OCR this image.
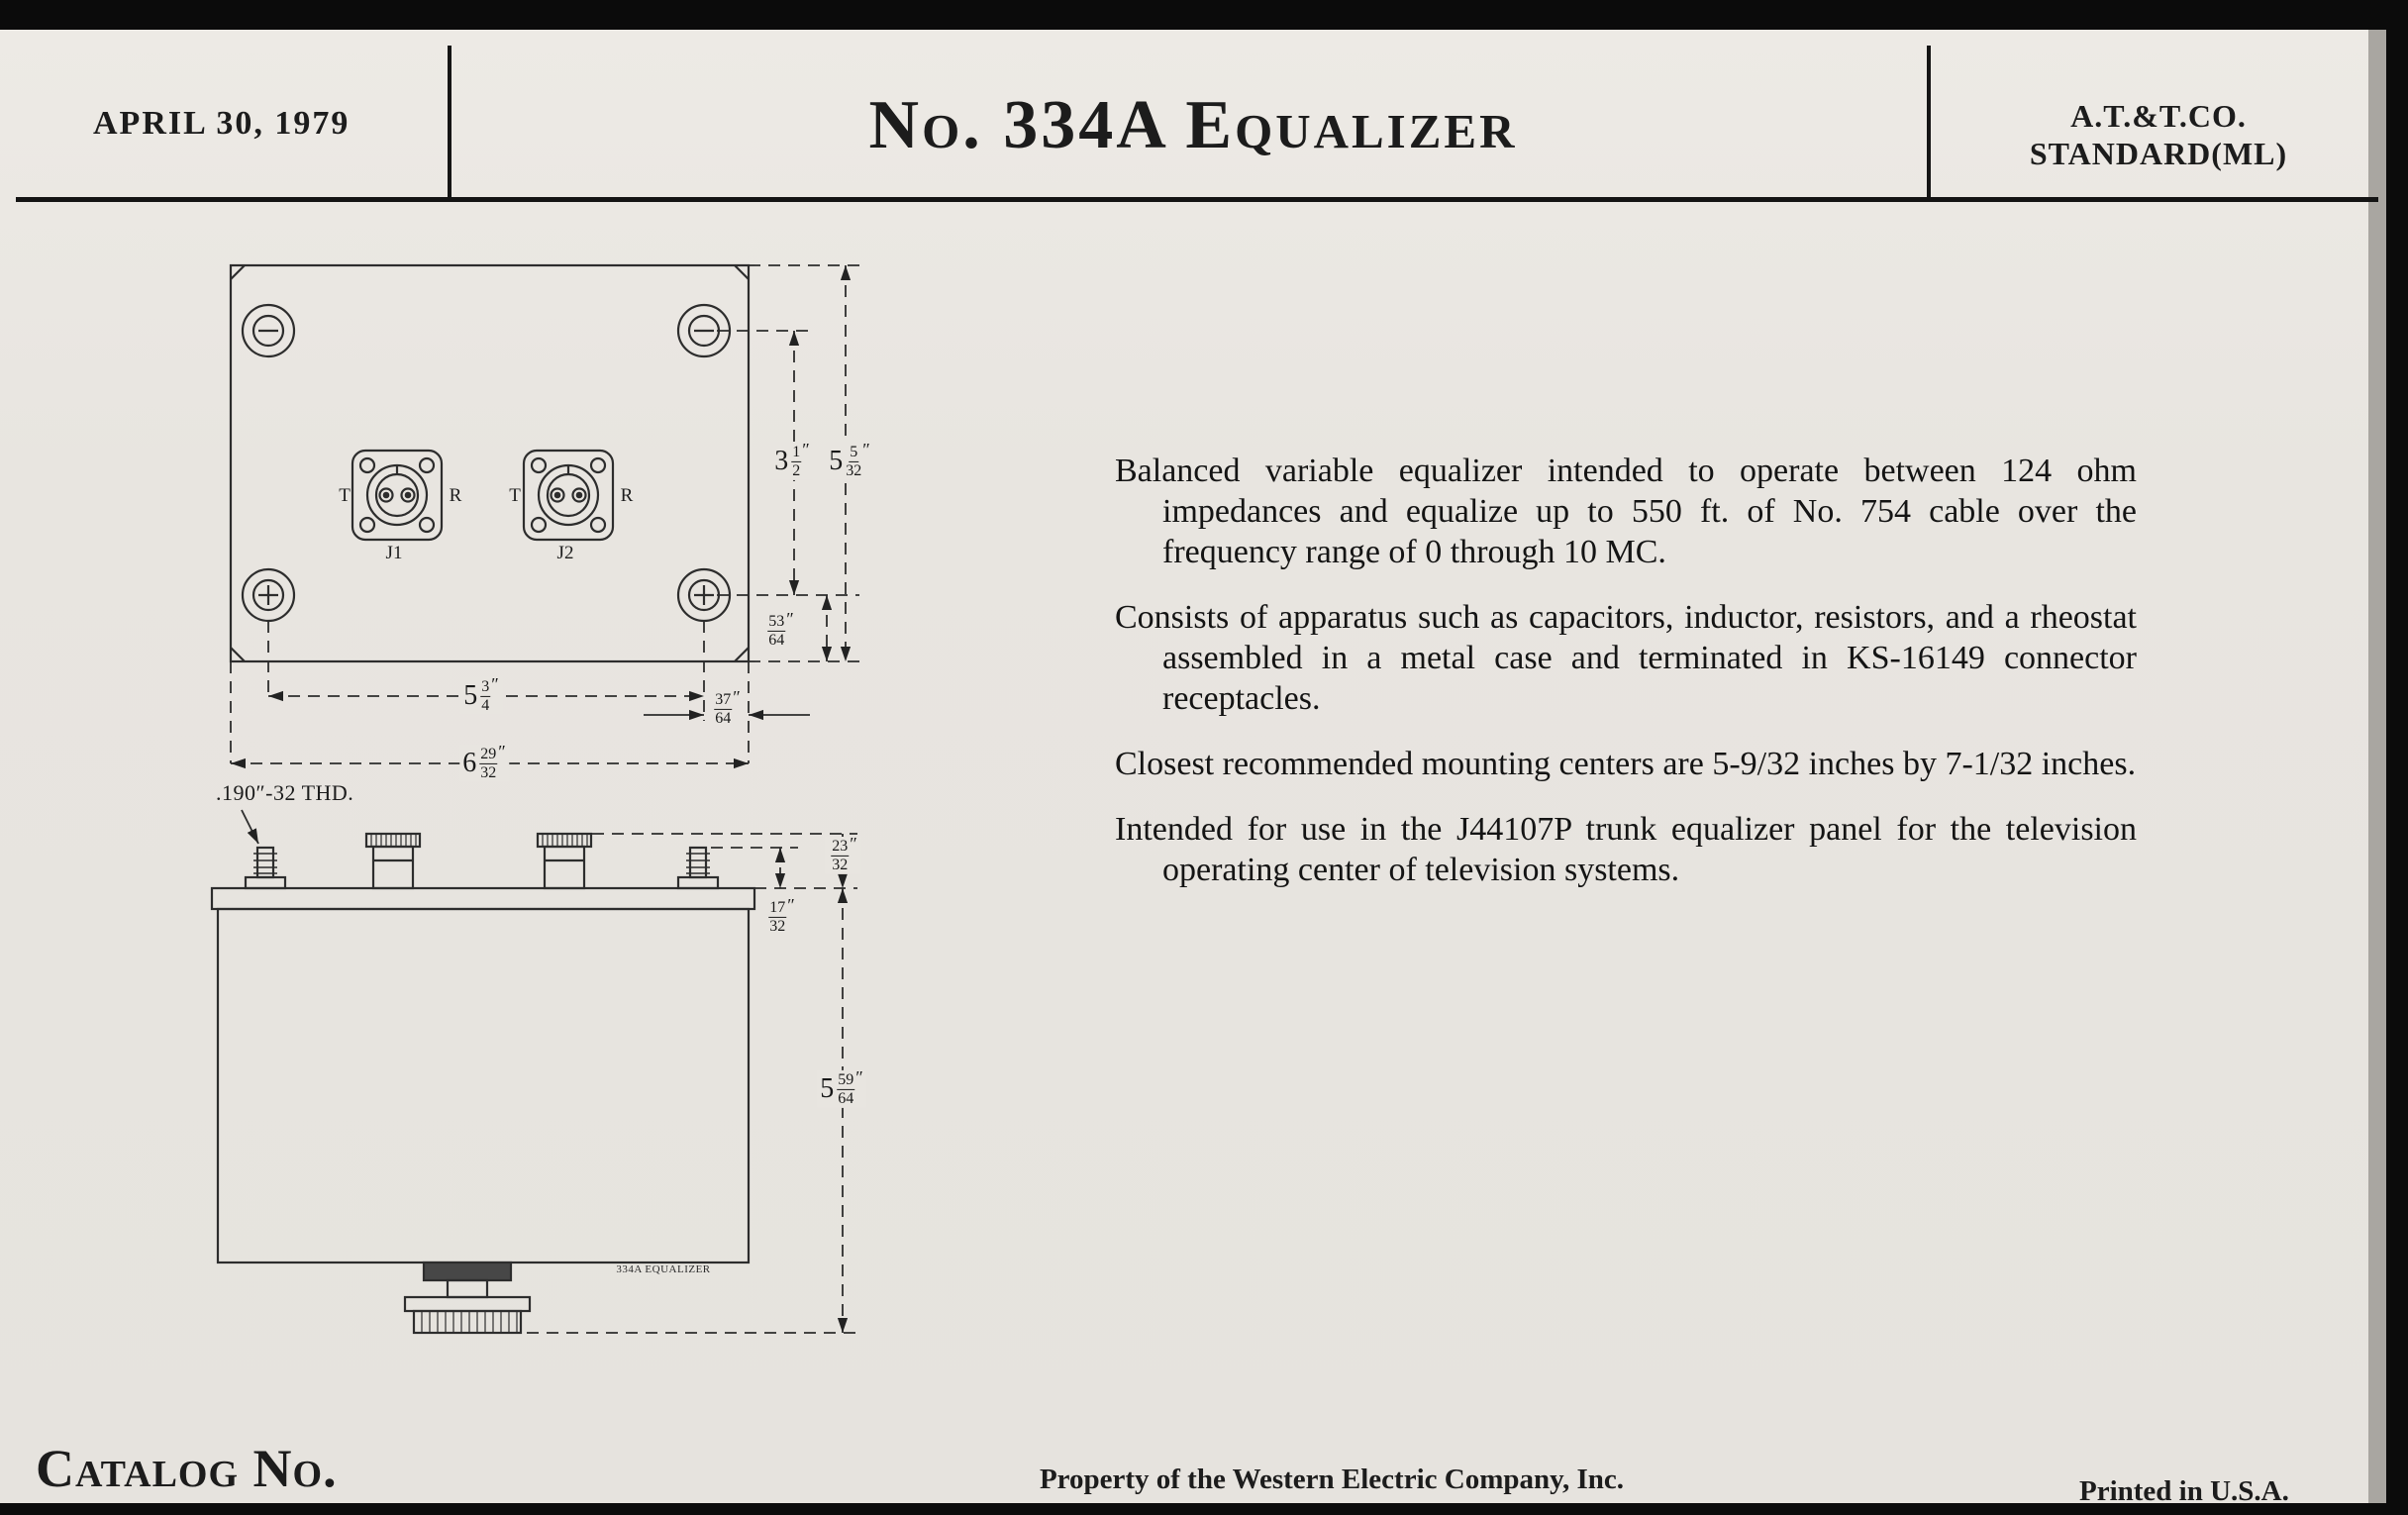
APRIL 30, 1979	No. 334A Equalizer	A.T.&T.CO.
STANDARD(ML)
T	R
J1
T	R
J2
.190″-32 THD.
334A EQUALIZER
$3 \frac{1}{2}$ ″ $5 \frac{5}{32}$ ″
$\frac{53}{64}$ ″
$5 \frac{3}{4}$ ″
$\frac{37}{64}$ ″
$6 \frac{29}{32}$ ″
$\frac{23}{32}$ ″
$\frac{17}{32}$ ″
$5 \frac{59}{64}$ ″

Balanced variable equalizer intended to operate between 124 ohm impedances and equalize up to 550 ft. of No. 754 cable over the frequency range of 0 through 10 MC.

Consists of apparatus such as capacitors, inductor, resistors, and a rheostat assembled in a metal case and terminated in KS-16149 connector receptacles.

Closest recommended mounting centers are 5-9/32 inches by 7-1/32 inches.

Intended for use in the J44107P trunk equalizer panel for the television operating center of television systems.

Catalog No.	Property of the Western Electric Company, Inc.	Printed in U.S.A.
